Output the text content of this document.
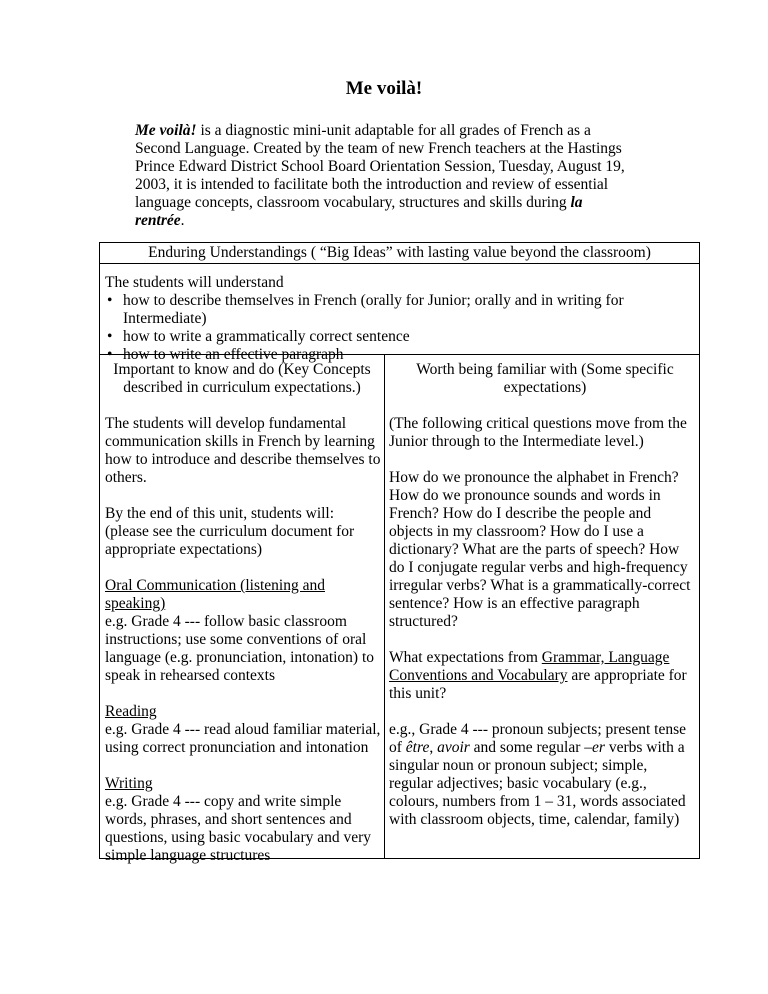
Me voilà!
Me voilà! is a diagnostic mini-unit adaptable for all grades of French as a Second Language. Created by the team of new French teachers at the Hastings Prince Edward District School Board Orientation Session, Tuesday, August 19, 2003, it is intended to facilitate both the introduction and review of essential language concepts, classroom vocabulary, structures and skills during la rentrée.
Enduring Understandings ( “Big Ideas” with lasting value beyond the classroom)

The students will understand

• how to describe themselves in French (orally for Junior; orally and in writing for Intermediate)
• how to write a grammatically correct sentence
• how to write an effective paragraph
Important to know and do (Key Concepts described in curriculum expectations.)

The students will develop fundamental communication skills in French by learning how to introduce and describe themselves to others.

By the end of this unit, students will: (please see the curriculum document for appropriate expectations)

Oral Communication (listening and speaking)

e.g. Grade 4 --- follow basic classroom instructions; use some conventions of oral language (e.g. pronunciation, intonation) to speak in rehearsed contexts

Reading

e.g. Grade 4 --- read aloud familiar material, using correct pronunciation and intonation

Writing

e.g. Grade 4 --- copy and write simple words, phrases, and short sentences and questions, using basic vocabulary and very simple language structures

Worth being familiar with (Some specific expectations)

(The following critical questions move from the Junior through to the Intermediate level.)

How do we pronounce the alphabet in French? How do we pronounce sounds and words in French? How do I describe the people and objects in my classroom? How do I use a dictionary? What are the parts of speech? How do I conjugate regular verbs and high-frequency irregular verbs? What is a grammatically-correct sentence? How is an effective paragraph structured?

What expectations from Grammar, Language Conventions and Vocabulary are appropriate for this unit?

e.g., Grade 4 --- pronoun subjects; present tense of être, avoir and some regular –er verbs with a singular noun or pronoun subject; simple, regular adjectives; basic vocabulary (e.g., colours, numbers from 1 – 31, words associated with classroom objects, time, calendar, family)
